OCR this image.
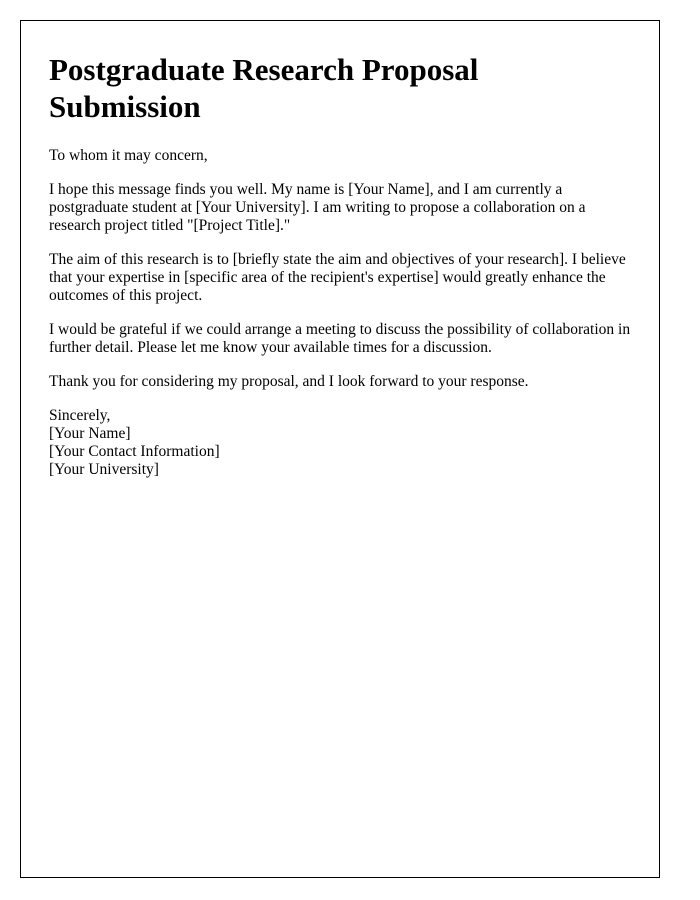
Postgraduate Research Proposal Submission

To whom it may concern,

I hope this message finds you well. My name is [Your Name], and I am currently a postgraduate student at [Your University]. I am writing to propose a collaboration on a research project titled "[Project Title]."

The aim of this research is to [briefly state the aim and objectives of your research]. I believe that your expertise in [specific area of the recipient's expertise] would greatly enhance the outcomes of this project.

I would be grateful if we could arrange a meeting to discuss the possibility of collaboration in further detail. Please let me know your available times for a discussion.

Thank you for considering my proposal, and I look forward to your response.

Sincerely,
[Your Name]
[Your Contact Information]
[Your University]
